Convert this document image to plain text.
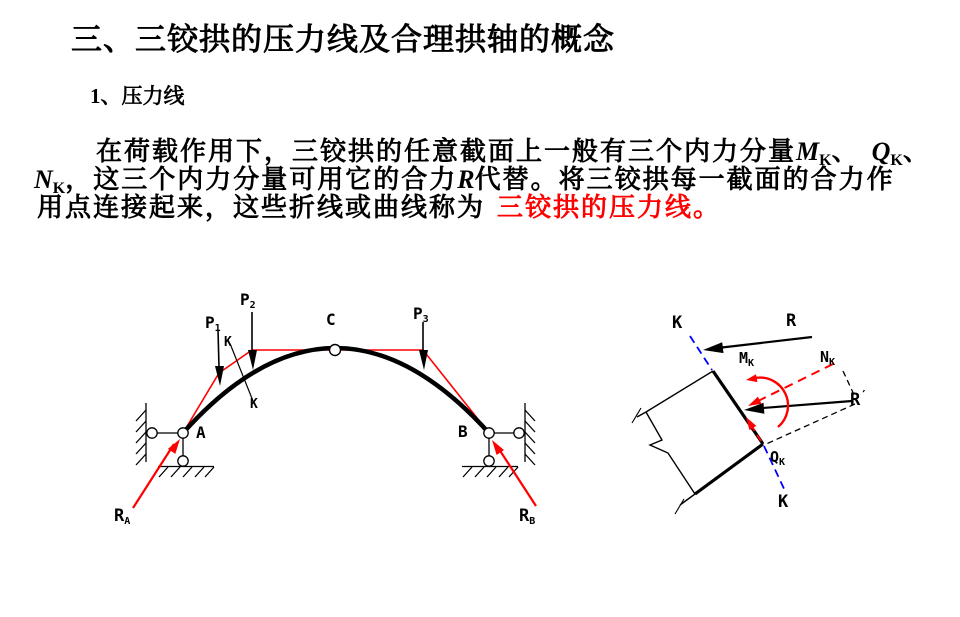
三、三铰拱的压力线及合理拱轴的概念
1、压力线
在荷载作用下，三铰拱的任意截面上一般有三个内力分量MK、 QK、
NK，这三个内力分量可用它的合力R代替。将三铰拱每一截面的合力作
用点连接起来，这些折线或曲线称为 三铰拱的压力线。
P1
P2	P3
C
K
K
A	B
RA	RB
K
K
R
R′
$M_K$	$N_K$
$Q_K$
